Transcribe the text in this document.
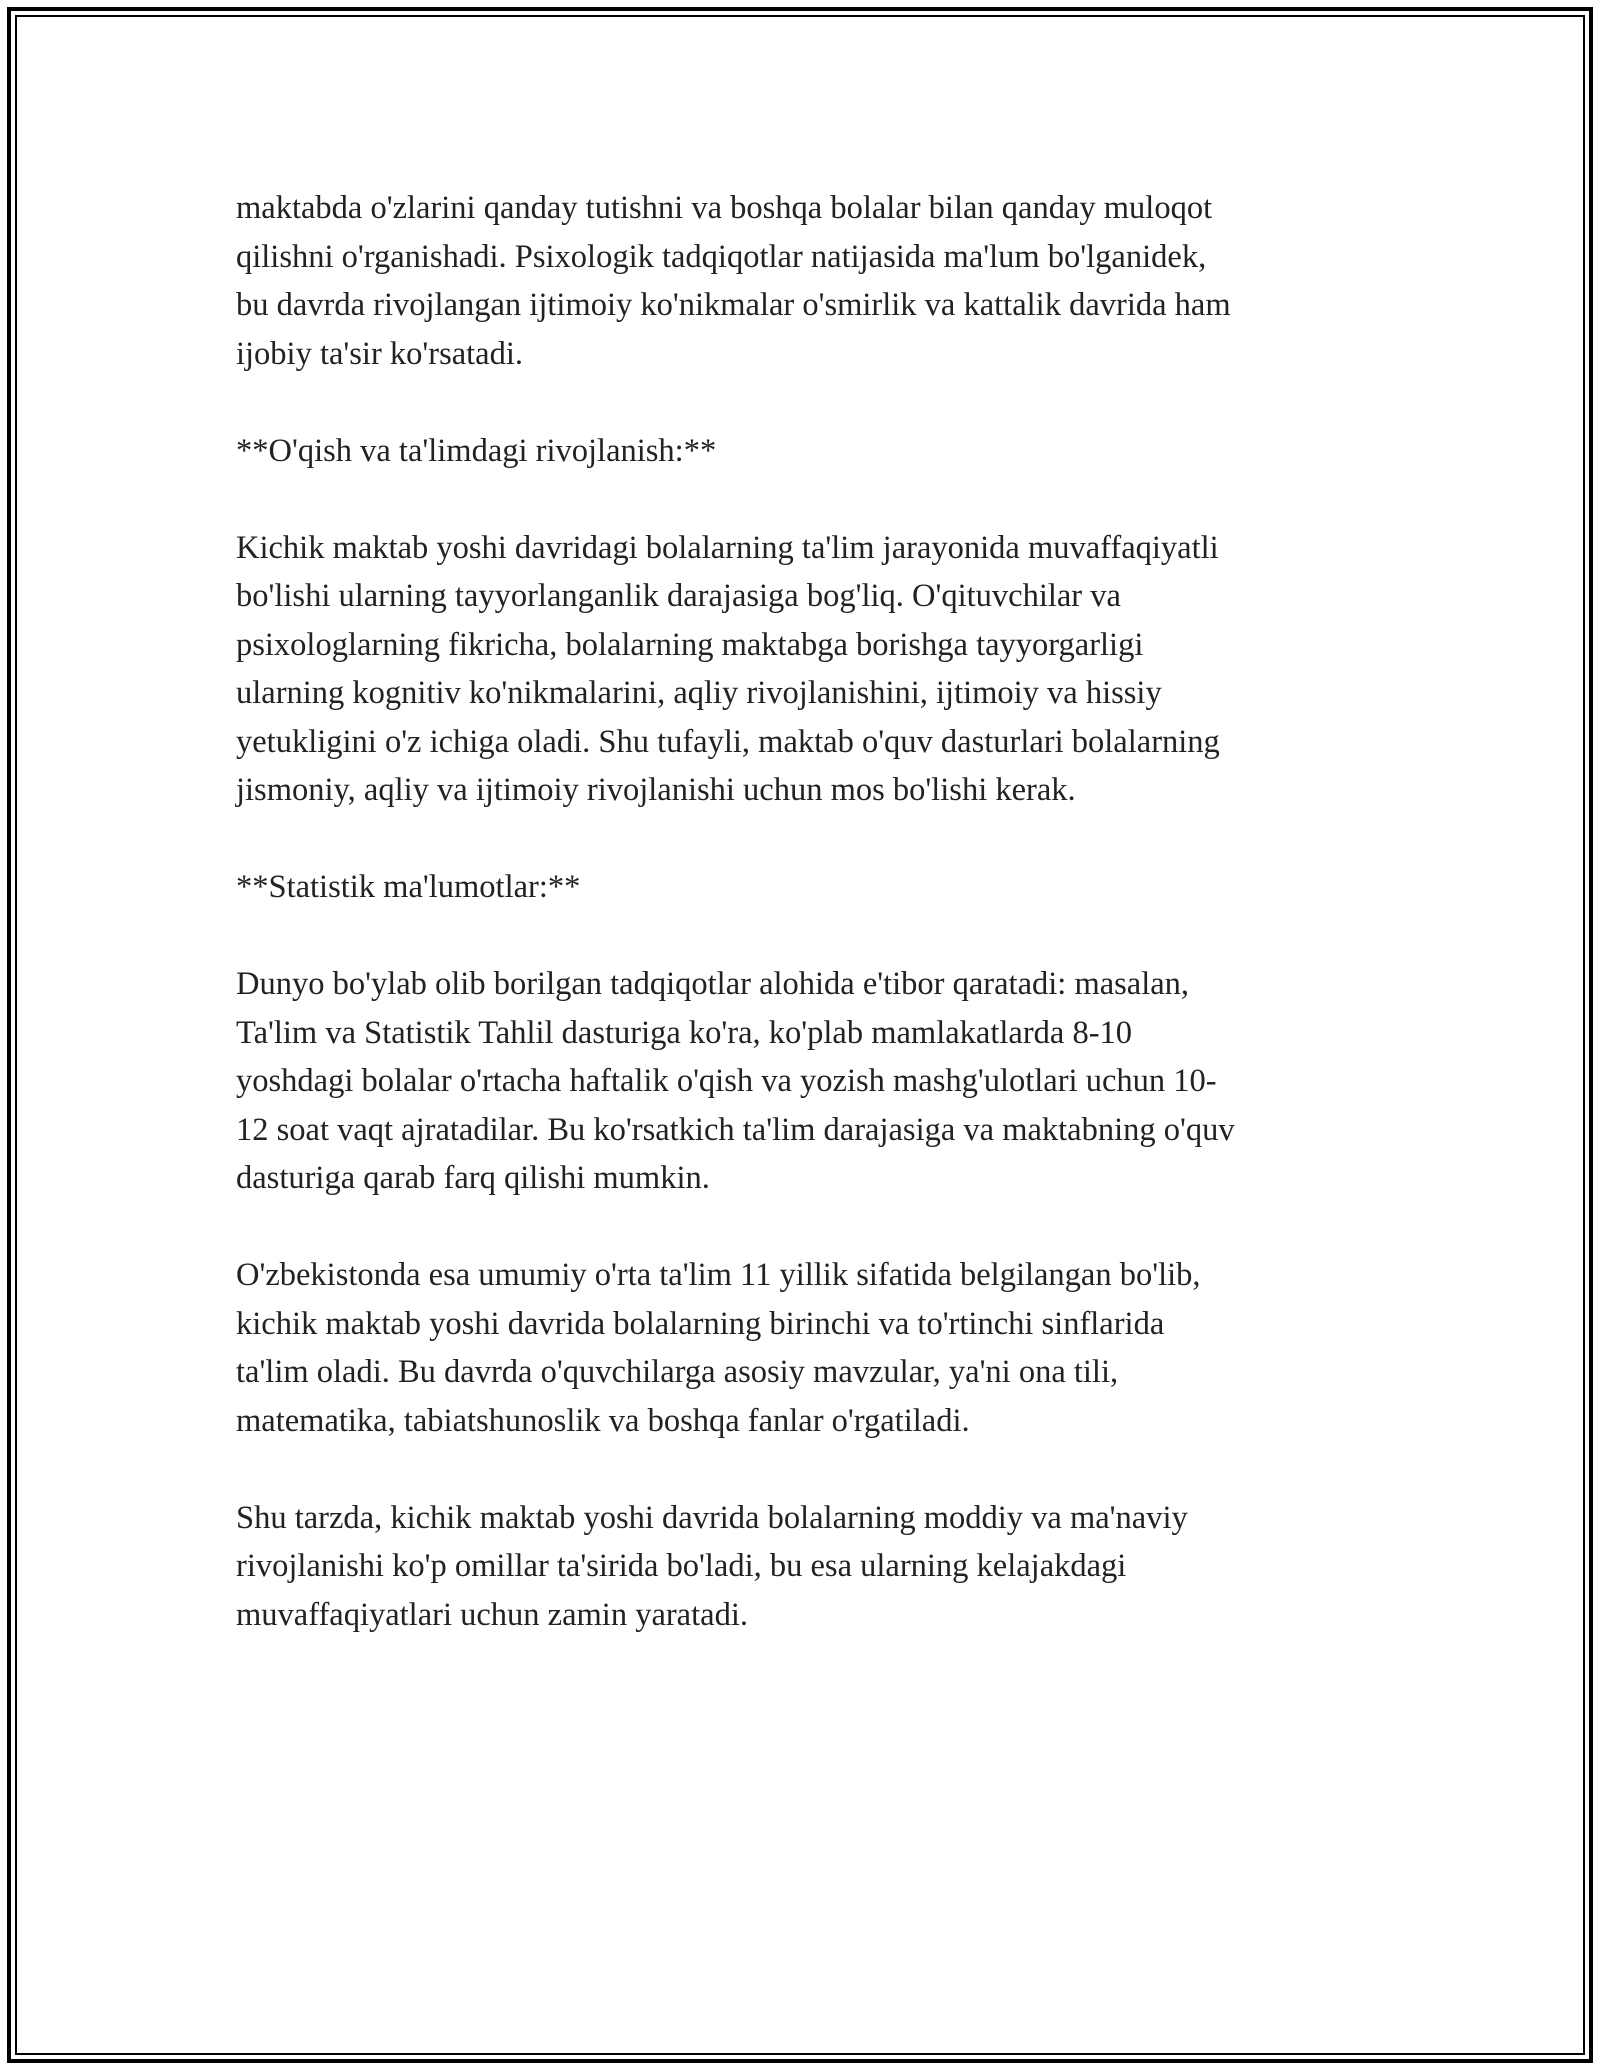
maktabda o'zlarini qanday tutishni va boshqa bolalar bilan qanday muloqot
qilishni o'rganishadi. Psixologik tadqiqotlar natijasida ma'lum bo'lganidek,
bu davrda rivojlangan ijtimoiy ko'nikmalar o'smirlik va kattalik davrida ham
ijobiy ta'sir ko'rsatadi.
**O'qish va ta'limdagi rivojlanish:**
Kichik maktab yoshi davridagi bolalarning ta'lim jarayonida muvaffaqiyatli
bo'lishi ularning tayyorlanganlik darajasiga bog'liq. O'qituvchilar va
psixologlarning fikricha, bolalarning maktabga borishga tayyorgarligi
ularning kognitiv ko'nikmalarini, aqliy rivojlanishini, ijtimoiy va hissiy
yetukligini o'z ichiga oladi. Shu tufayli, maktab o'quv dasturlari bolalarning
jismoniy, aqliy va ijtimoiy rivojlanishi uchun mos bo'lishi kerak.
**Statistik ma'lumotlar:**
Dunyo bo'ylab olib borilgan tadqiqotlar alohida e'tibor qaratadi: masalan,
Ta'lim va Statistik Tahlil dasturiga ko'ra, ko'plab mamlakatlarda 8-10
yoshdagi bolalar o'rtacha haftalik o'qish va yozish mashg'ulotlari uchun 10-
12 soat vaqt ajratadilar. Bu ko'rsatkich ta'lim darajasiga va maktabning o'quv
dasturiga qarab farq qilishi mumkin.
O'zbekistonda esa umumiy o'rta ta'lim 11 yillik sifatida belgilangan bo'lib,
kichik maktab yoshi davrida bolalarning birinchi va to'rtinchi sinflarida
ta'lim oladi. Bu davrda o'quvchilarga asosiy mavzular, ya'ni ona tili,
matematika, tabiatshunoslik va boshqa fanlar o'rgatiladi.
Shu tarzda, kichik maktab yoshi davrida bolalarning moddiy va ma'naviy
rivojlanishi ko'p omillar ta'sirida bo'ladi, bu esa ularning kelajakdagi
muvaffaqiyatlari uchun zamin yaratadi.
